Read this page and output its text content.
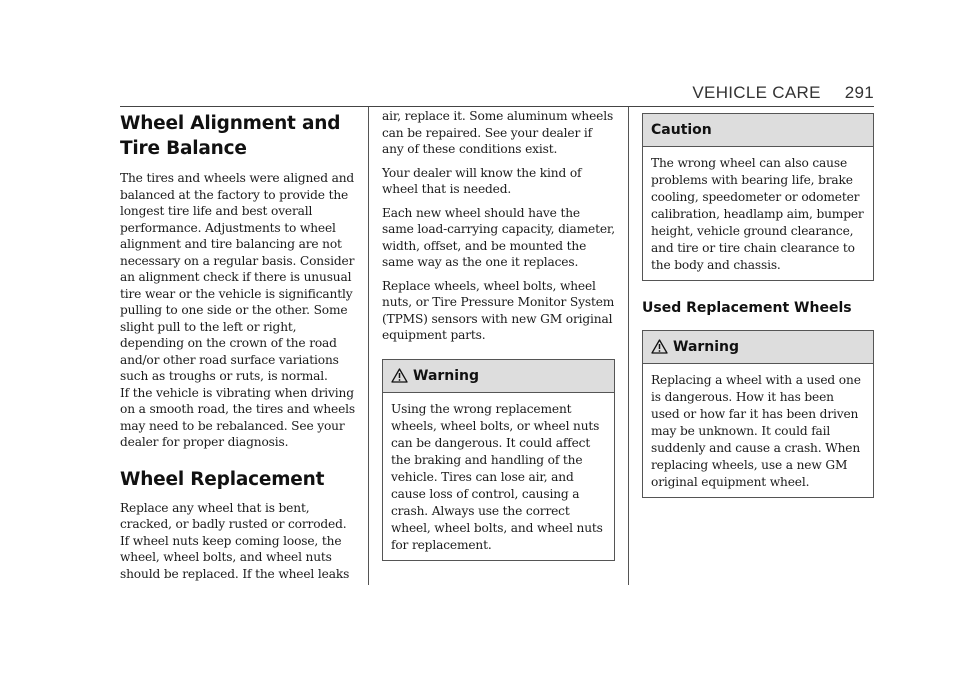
VEHICLE CARE 291
Wheel Alignment and Tire Balance

The tires and wheels were aligned and balanced at the factory to provide the longest tire life and best overall performance. Adjustments to wheel alignment and tire balancing are not necessary on a regular basis. Consider an alignment check if there is unusual tire wear or the vehicle is significantly pulling to one side or the other. Some slight pull to the left or right, depending on the crown of the road and/or other road surface variations such as troughs or ruts, is normal.

If the vehicle is vibrating when driving on a smooth road, the tires and wheels may need to be rebalanced. See your dealer for proper diagnosis.

Wheel Replacement

Replace any wheel that is bent, cracked, or badly rusted or corroded. If wheel nuts keep coming loose, the wheel, wheel bolts, and wheel nuts should be replaced. If the wheel leaks

air, replace it. Some aluminum wheels can be repaired. See your dealer if any of these conditions exist.

Your dealer will know the kind of wheel that is needed.

Each new wheel should have the same load-carrying capacity, diameter, width, offset, and be mounted the same way as the one it replaces.

Replace wheels, wheel bolts, wheel nuts, or Tire Pressure Monitor System (TPMS) sensors with new GM original equipment parts.

Warning

Using the wrong replacement wheels, wheel bolts, or wheel nuts can be dangerous. It could affect the braking and handling of the vehicle. Tires can lose air, and cause loss of control, causing a crash. Always use the correct wheel, wheel bolts, and wheel nuts for replacement.

Caution

The wrong wheel can also cause problems with bearing life, brake cooling, speedometer or odometer calibration, headlamp aim, bumper height, vehicle ground clearance, and tire or tire chain clearance to the body and chassis.

Used Replacement Wheels
Warning

Replacing a wheel with a used one is dangerous. How it has been used or how far it has been driven may be unknown. It could fail suddenly and cause a crash. When replacing wheels, use a new GM original equipment wheel.
